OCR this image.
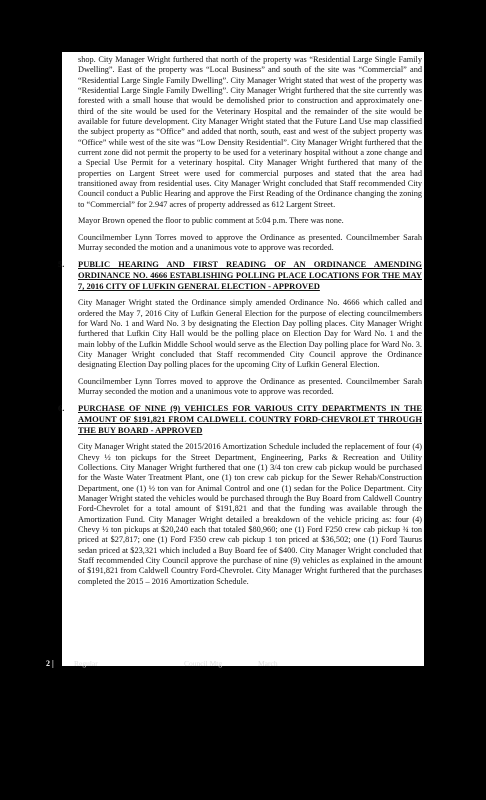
shop. City Manager Wright furthered that north of the property was “Residential Large Single Family Dwelling”. East of the property was “Local Business” and south of the site was “Commercial” and “Residential Large Single Family Dwelling”. City Manager Wright stated that west of the property was “Residential Large Single Family Dwelling”. City Manager Wright furthered that the site currently was forested with a small house that would be demolished prior to construction and approximately one-third of the site would be used for the Veterinary Hospital and the remainder of the site would be available for future development. City Manager Wright stated that the Future Land Use map classified the subject property as “Office” and added that north, south, east and west of the subject property was “Office” while west of the site was “Low Density Residential”. City Manager Wright furthered that the current zone did not permit the property to be used for a veterinary hospital without a zone change and a Special Use Permit for a veterinary hospital. City Manager Wright furthered that many of the properties on Largent Street were used for commercial purposes and stated that the area had transitioned away from residential uses. City Manager Wright concluded that Staff recommended City Council conduct a Public Hearing and approve the First Reading of the Ordinance changing the zoning to “Commercial” for 2.947 acres of property addressed as 612 Largent Street.

Mayor Brown opened the floor to public comment at 5:04 p.m. There was none.

Councilmember Lynn Torres moved to approve the Ordinance as presented. Councilmember Sarah Murray seconded the motion and a unanimous vote to approve was recorded.

5.	PUBLIC HEARING AND FIRST READING OF AN ORDINANCE AMENDING ORDINANCE NO. 4666 ESTABLISHING POLLING PLACE LOCATIONS FOR THE MAY 7, 2016 CITY OF LUFKIN GENERAL ELECTION - APPROVED

City Manager Wright stated the Ordinance simply amended Ordinance No. 4666 which called and ordered the May 7, 2016 City of Lufkin General Election for the purpose of electing councilmembers for Ward No. 1 and Ward No. 3 by designating the Election Day polling places. City Manager Wright furthered that Lufkin City Hall would be the polling place on Election Day for Ward No. 1 and the main lobby of the Lufkin Middle School would serve as the Election Day polling place for Ward No. 3. City Manager Wright concluded that Staff recommended City Council approve the Ordinance designating Election Day polling places for the upcoming City of Lufkin General Election.

Councilmember Lynn Torres moved to approve the Ordinance as presented. Councilmember Sarah Murray seconded the motion and a unanimous vote to approve was recorded.

6.	PURCHASE OF NINE (9) VEHICLES FOR VARIOUS CITY DEPARTMENTS IN THE AMOUNT OF $191,821 FROM CALDWELL COUNTRY FORD-CHEVROLET THROUGH THE BUY BOARD - APPROVED

City Manager Wright stated the 2015/2016 Amortization Schedule included the replacement of four (4) Chevy ½ ton pickups for the Street Department, Engineering, Parks & Recreation and Utility Collections. City Manager Wright furthered that one (1) 3/4 ton crew cab pickup would be purchased for the Waste Water Treatment Plant, one (1) ton crew cab pickup for the Sewer Rehab/Construction Department, one (1) ½ ton van for Animal Control and one (1) sedan for the Police Department. City Manager Wright stated the vehicles would be purchased through the Buy Board from Caldwell Country Ford-Chevrolet for a total amount of $191,821 and that the funding was available through the Amortization Fund. City Manager Wright detailed a breakdown of the vehicle pricing as: four (4) Chevy ½ ton pickups at $20,240 each that totaled $80,960; one (1) Ford F250 crew cab pickup ¾ ton priced at $27,817; one (1) Ford F350 crew cab pickup 1 ton priced at $36,502; one (1) Ford Taurus sedan priced at $23,321 which included a Buy Board fee of $400. City Manager Wright concluded that Staff recommended City Council approve the purchase of nine (9) vehicles as explained in the amount of $191,821 from Caldwell Country Ford-Chevrolet. City Manager Wright furthered that the purchases completed the 2015 – 2016 Amortization Schedule.

2 |	Regular	Council Mtg	March
